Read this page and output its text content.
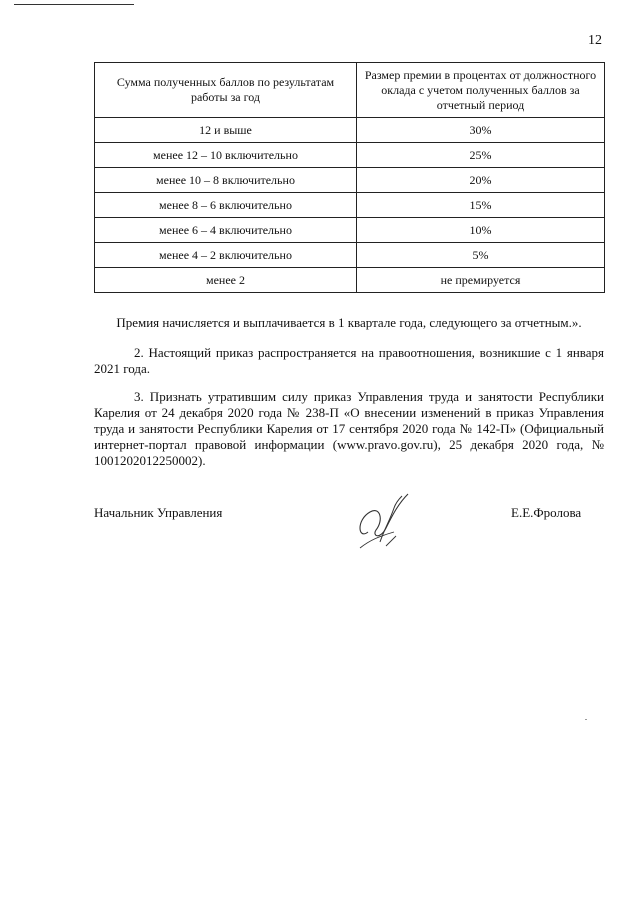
12
Сумма полученных баллов по результатам работы за год	Размер премии в процентах от должностного оклада с учетом полученных баллов за отчетный период
12 и выше	30%
менее 12 – 10 включительно	25%
менее 10 – 8 включительно	20%
менее 8 – 6 включительно	15%
менее 6 – 4 включительно	10%
менее 4 – 2 включительно	5%
менее 2	не премируется

Премия начисляется и выплачивается в 1 квартале года, следующего за отчетным.».

2. Настоящий приказ распространяется на правоотношения, возникшие с 1 января 2021 года.

3. Признать утратившим силу приказ Управления труда и занятости Республики Карелия от 24 декабря 2020 года № 238-П «О внесении изменений в приказ Управления труда и занятости Республики Карелия от 17 сентября 2020 года № 142-П» (Официальный интернет-портал правовой информации (www.pravo.gov.ru), 25 декабря 2020 года, № 1001202012250002).

Начальник Управления	Е.Е.Фролова
